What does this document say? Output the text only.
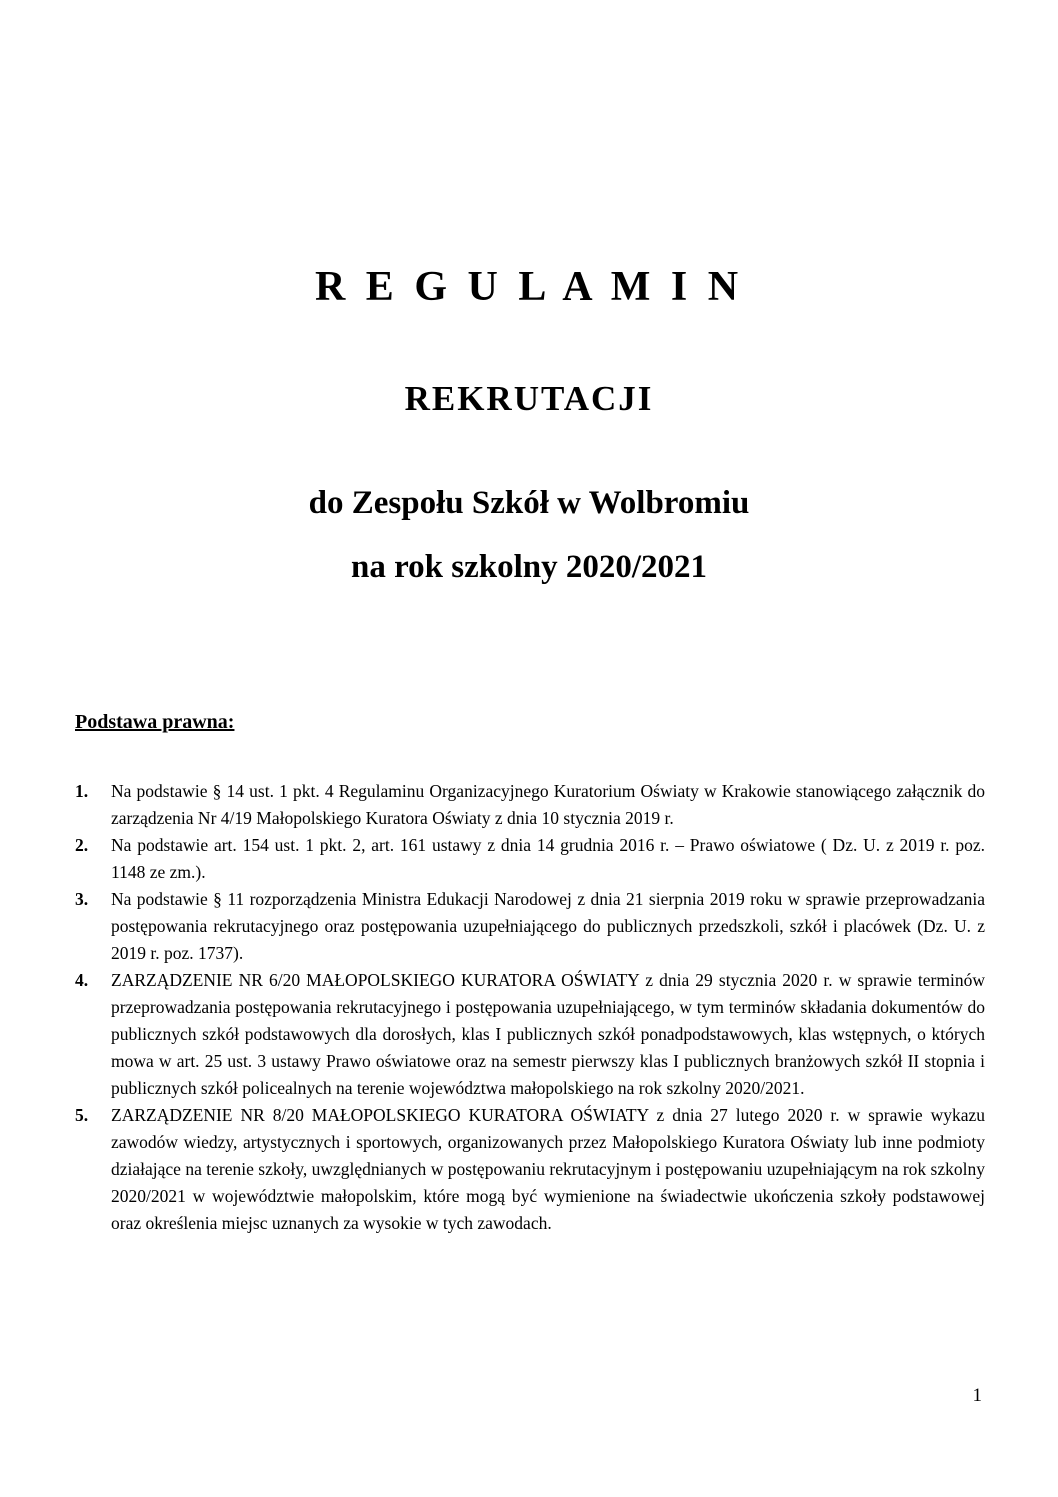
R E G U L A M I N
REKRUTACJI
do Zespołu Szkół w Wolbromiu
na rok szkolny 2020/2021
Podstawa prawna:
1. Na podstawie § 14 ust. 1 pkt. 4 Regulaminu Organizacyjnego Kuratorium Oświaty w Krakowie stanowiącego załącznik do zarządzenia Nr 4/19 Małopolskiego Kuratora Oświaty z dnia 10 stycznia 2019 r.
2. Na podstawie art. 154 ust. 1 pkt. 2, art. 161 ustawy z dnia 14 grudnia 2016 r. – Prawo oświatowe ( Dz. U. z 2019 r. poz. 1148 ze zm.).
3. Na podstawie § 11 rozporządzenia Ministra Edukacji Narodowej z dnia 21 sierpnia 2019 roku w sprawie przeprowadzania postępowania rekrutacyjnego oraz postępowania uzupełniającego do publicznych przedszkoli, szkół i placówek (Dz. U. z 2019 r. poz. 1737).
4. ZARZĄDZENIE NR 6/20 MAŁOPOLSKIEGO KURATORA OŚWIATY z dnia 29 stycznia 2020 r. w sprawie terminów przeprowadzania postępowania rekrutacyjnego i postępowania uzupełniającego, w tym terminów składania dokumentów do publicznych szkół podstawowych dla dorosłych, klas I publicznych szkół ponadpodstawowych, klas wstępnych, o których mowa w art. 25 ust. 3 ustawy Prawo oświatowe oraz na semestr pierwszy klas I publicznych branżowych szkół II stopnia i publicznych szkół policealnych na terenie województwa małopolskiego na rok szkolny 2020/2021.
5. ZARZĄDZENIE NR 8/20 MAŁOPOLSKIEGO KURATORA OŚWIATY z dnia 27 lutego 2020 r. w sprawie wykazu zawodów wiedzy, artystycznych i sportowych, organizowanych przez Małopolskiego Kuratora Oświaty lub inne podmioty działające na terenie szkoły, uwzględnianych w postępowaniu rekrutacyjnym i postępowaniu uzupełniającym na rok szkolny 2020/2021 w województwie małopolskim, które mogą być wymienione na świadectwie ukończenia szkoły podstawowej oraz określenia miejsc uznanych za wysokie w tych zawodach.
1
